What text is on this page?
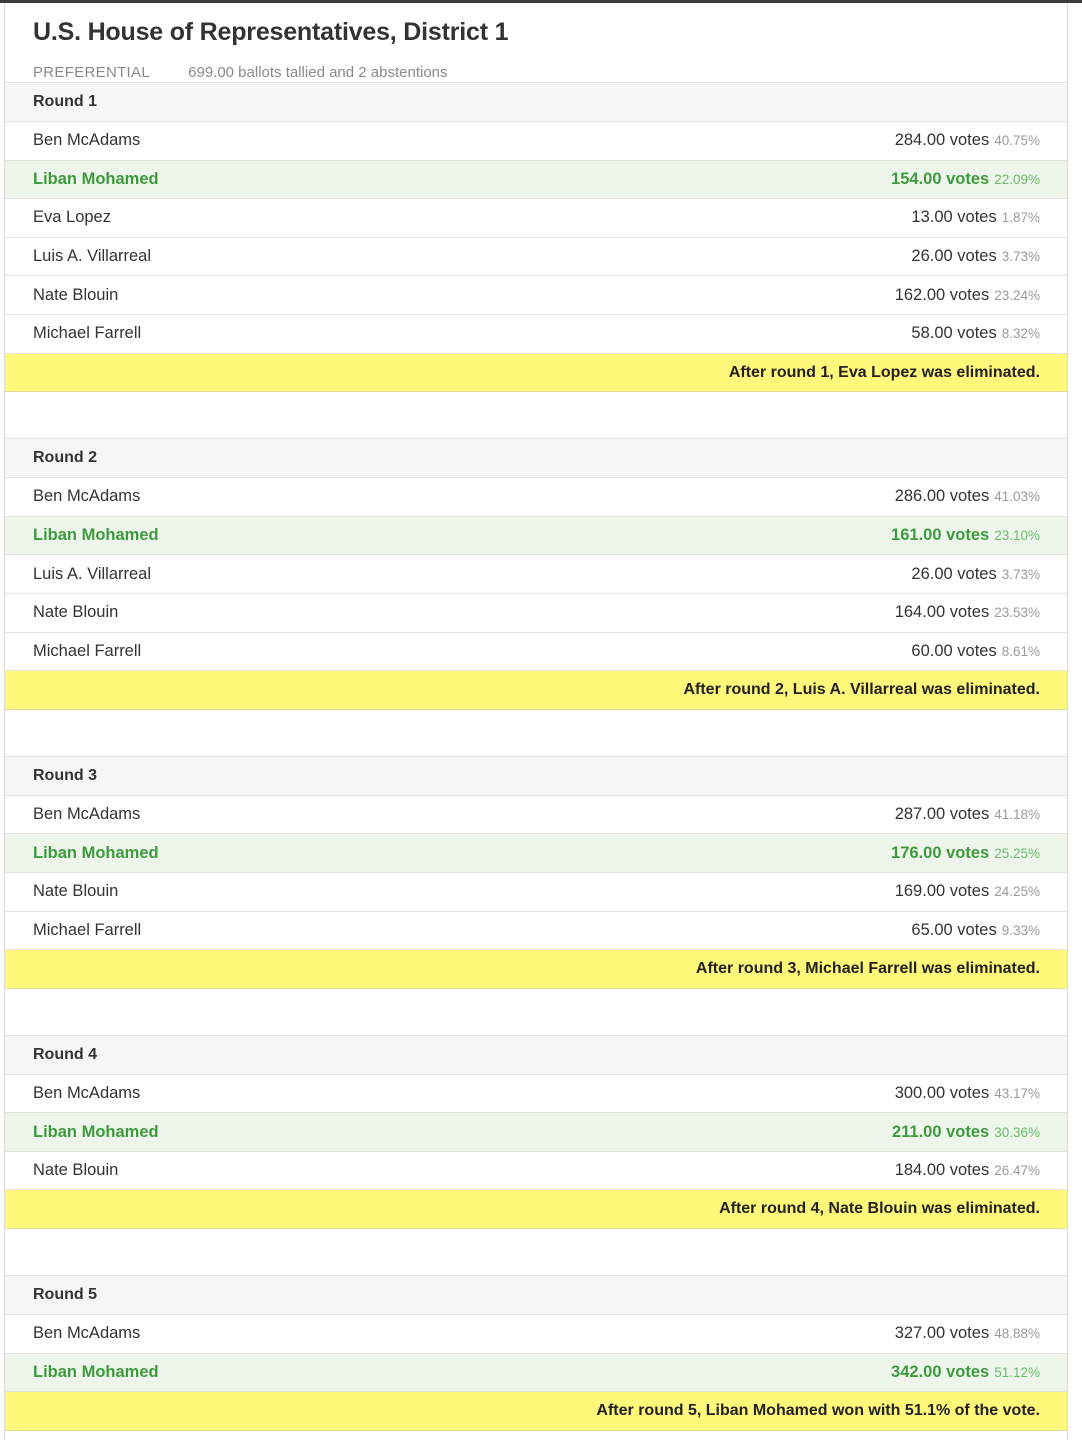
U.S. House of Representatives, District 1
PREFERENTIAL	699.00 ballots tallied and 2 abstentions
Round 1
Ben McAdams	284.00 votes 40.75%
Liban Mohamed	154.00 votes 22.09%
Eva Lopez	13.00 votes 1.87%
Luis A. Villarreal	26.00 votes 3.73%
Nate Blouin	162.00 votes 23.24%
Michael Farrell	58.00 votes 8.32%
After round 1, Eva Lopez was eliminated.
Round 2
Ben McAdams	286.00 votes 41.03%
Liban Mohamed	161.00 votes 23.10%
Luis A. Villarreal	26.00 votes 3.73%
Nate Blouin	164.00 votes 23.53%
Michael Farrell	60.00 votes 8.61%
After round 2, Luis A. Villarreal was eliminated.
Round 3
Ben McAdams	287.00 votes 41.18%
Liban Mohamed	176.00 votes 25.25%
Nate Blouin	169.00 votes 24.25%
Michael Farrell	65.00 votes 9.33%
After round 3, Michael Farrell was eliminated.
Round 4
Ben McAdams	300.00 votes 43.17%
Liban Mohamed	211.00 votes 30.36%
Nate Blouin	184.00 votes 26.47%
After round 4, Nate Blouin was eliminated.
Round 5
Ben McAdams	327.00 votes 48.88%
Liban Mohamed	342.00 votes 51.12%
After round 5, Liban Mohamed won with 51.1% of the vote.
